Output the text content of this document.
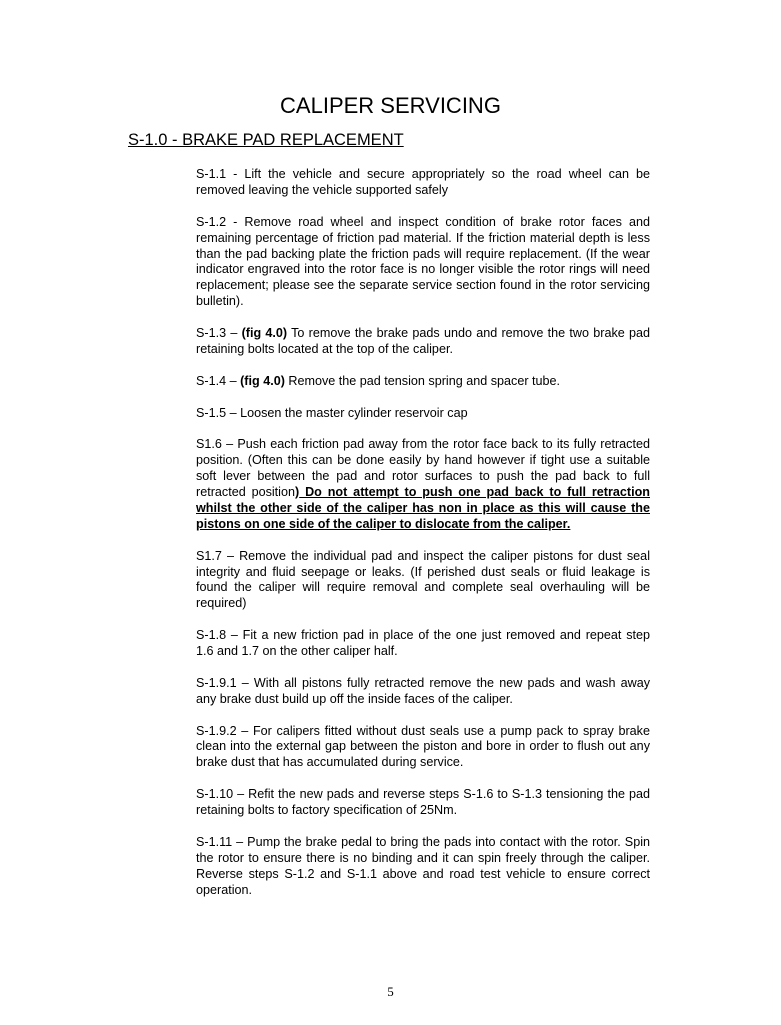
CALIPER SERVICING
S-1.0 - BRAKE PAD REPLACEMENT

S-1.1 - Lift the vehicle and secure appropriately so the road wheel can be removed leaving the vehicle supported safely

S-1.2 - Remove road wheel and inspect condition of brake rotor faces and remaining percentage of friction pad material. If the friction material depth is less than the pad backing plate the friction pads will require replacement. (If the wear indicator engraved into the rotor face is no longer visible the rotor rings will need replacement; please see the separate service section found in the rotor servicing bulletin).

S-1.3 – (fig 4.0) To remove the brake pads undo and remove the two brake pad retaining bolts located at the top of the caliper.

S-1.4 – (fig 4.0) Remove the pad tension spring and spacer tube.

S-1.5 – Loosen the master cylinder reservoir cap

S1.6 – Push each friction pad away from the rotor face back to its fully retracted position. (Often this can be done easily by hand however if tight use a suitable soft lever between the pad and rotor surfaces to push the pad back to full retracted position) Do not attempt to push one pad back to full retraction whilst the other side of the caliper has non in place as this will cause the pistons on one side of the caliper to dislocate from the caliper.

S1.7 – Remove the individual pad and inspect the caliper pistons for dust seal integrity and fluid seepage or leaks. (If perished dust seals or fluid leakage is found the caliper will require removal and complete seal overhauling will be required)

S-1.8 – Fit a new friction pad in place of the one just removed and repeat step 1.6 and 1.7 on the other caliper half.

S-1.9.1 – With all pistons fully retracted remove the new pads and wash away any brake dust build up off the inside faces of the caliper.

S-1.9.2 – For calipers fitted without dust seals use a pump pack to spray brake clean into the external gap between the piston and bore in order to flush out any brake dust that has accumulated during service.

S-1.10 – Refit the new pads and reverse steps S-1.6 to S-1.3 tensioning the pad retaining bolts to factory specification of 25Nm.

S-1.11 – Pump the brake pedal to bring the pads into contact with the rotor. Spin the rotor to ensure there is no binding and it can spin freely through the caliper. Reverse steps S-1.2 and S-1.1 above and road test vehicle to ensure correct operation.

5
